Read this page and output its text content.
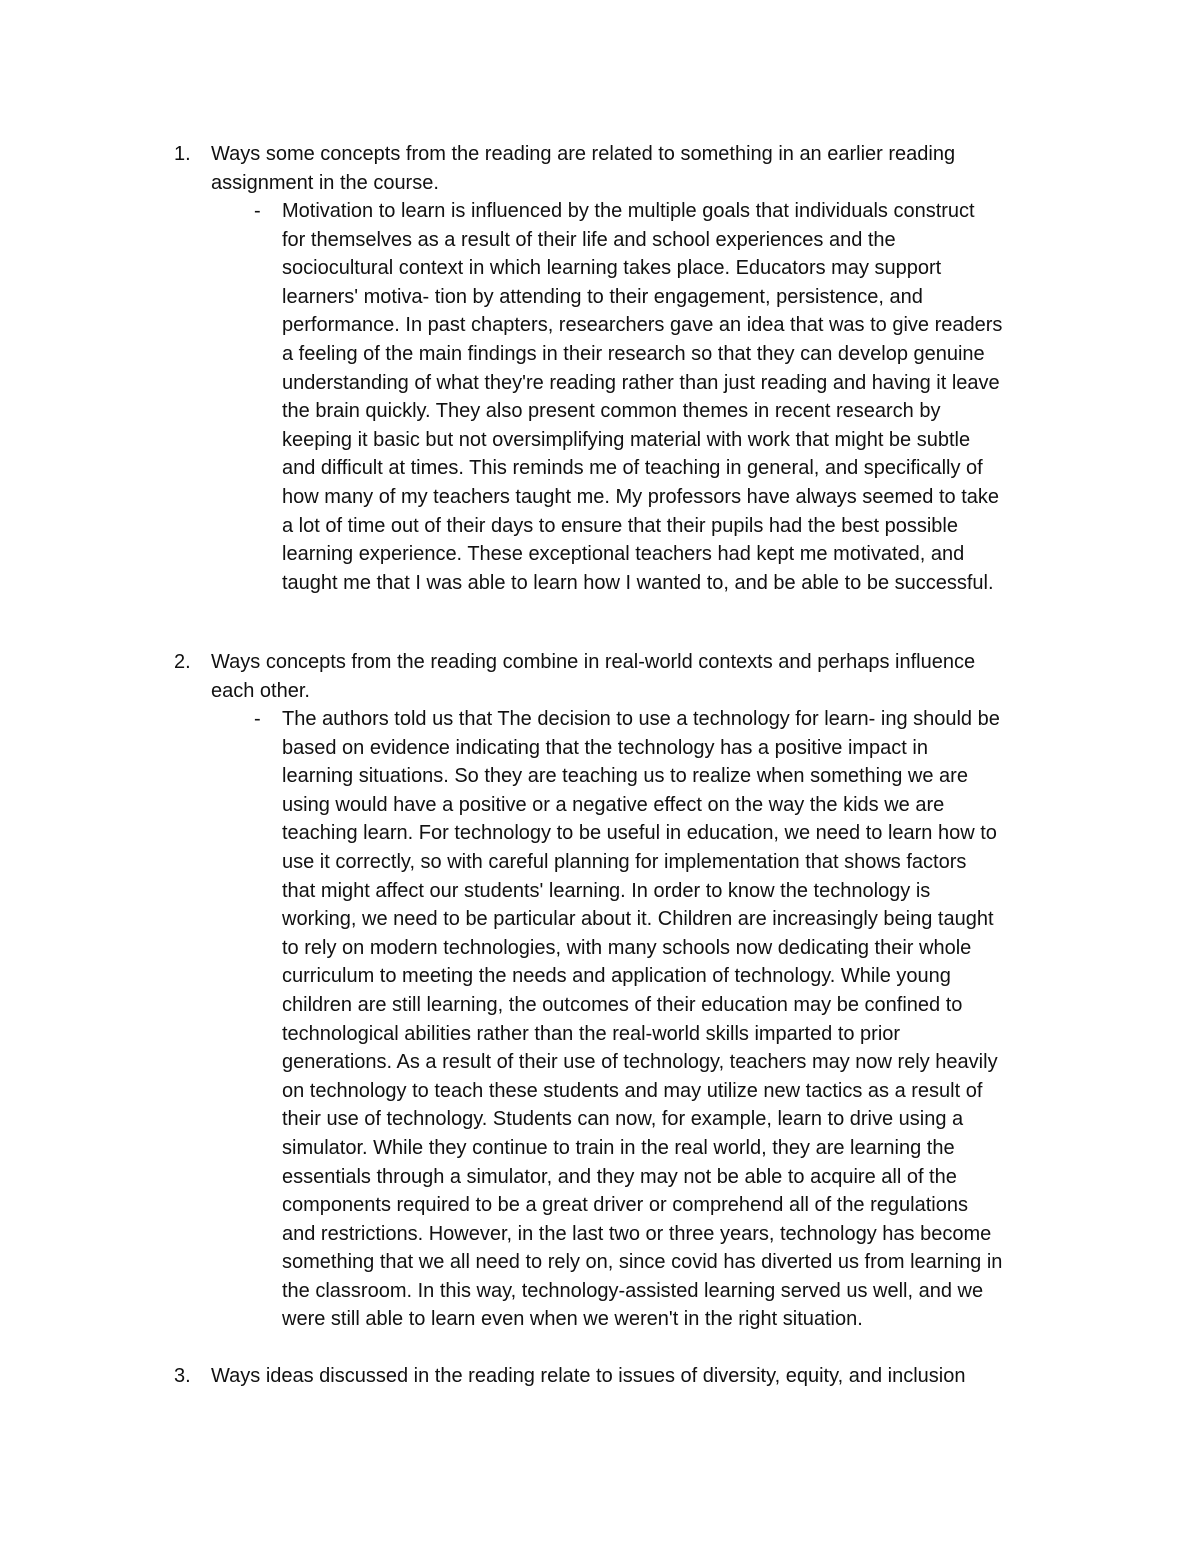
1.	Ways some concepts from the reading are related to something in an earlier reading
assignment in the course.
-	Motivation to learn is influenced by the multiple goals that individuals construct
for themselves as a result of their life and school experiences and the
sociocultural context in which learning takes place. Educators may support
learners' motiva- tion by attending to their engagement, persistence, and
performance. In past chapters, researchers gave an idea that was to give readers
a feeling of the main findings in their research so that they can develop genuine
understanding of what they're reading rather than just reading and having it leave
the brain quickly. They also present common themes in recent research by
keeping it basic but not oversimplifying material with work that might be subtle
and difficult at times. This reminds me of teaching in general, and specifically of
how many of my teachers taught me. My professors have always seemed to take
a lot of time out of their days to ensure that their pupils had the best possible
learning experience. These exceptional teachers had kept me motivated, and
taught me that I was able to learn how I wanted to, and be able to be successful.
2.	Ways concepts from the reading combine in real-world contexts and perhaps influence
each other.
-	The authors told us that The decision to use a technology for learn- ing should be
based on evidence indicating that the technology has a positive impact in
learning situations. So they are teaching us to realize when something we are
using would have a positive or a negative effect on the way the kids we are
teaching learn. For technology to be useful in education, we need to learn how to
use it correctly, so with careful planning for implementation that shows factors
that might affect our students' learning. In order to know the technology is
working, we need to be particular about it. Children are increasingly being taught
to rely on modern technologies, with many schools now dedicating their whole
curriculum to meeting the needs and application of technology. While young
children are still learning, the outcomes of their education may be confined to
technological abilities rather than the real-world skills imparted to prior
generations. As a result of their use of technology, teachers may now rely heavily
on technology to teach these students and may utilize new tactics as a result of
their use of technology. Students can now, for example, learn to drive using a
simulator. While they continue to train in the real world, they are learning the
essentials through a simulator, and they may not be able to acquire all of the
components required to be a great driver or comprehend all of the regulations
and restrictions. However, in the last two or three years, technology has become
something that we all need to rely on, since covid has diverted us from learning in
the classroom. In this way, technology-assisted learning served us well, and we
were still able to learn even when we weren't in the right situation.
3.	Ways ideas discussed in the reading relate to issues of diversity, equity, and inclusion
